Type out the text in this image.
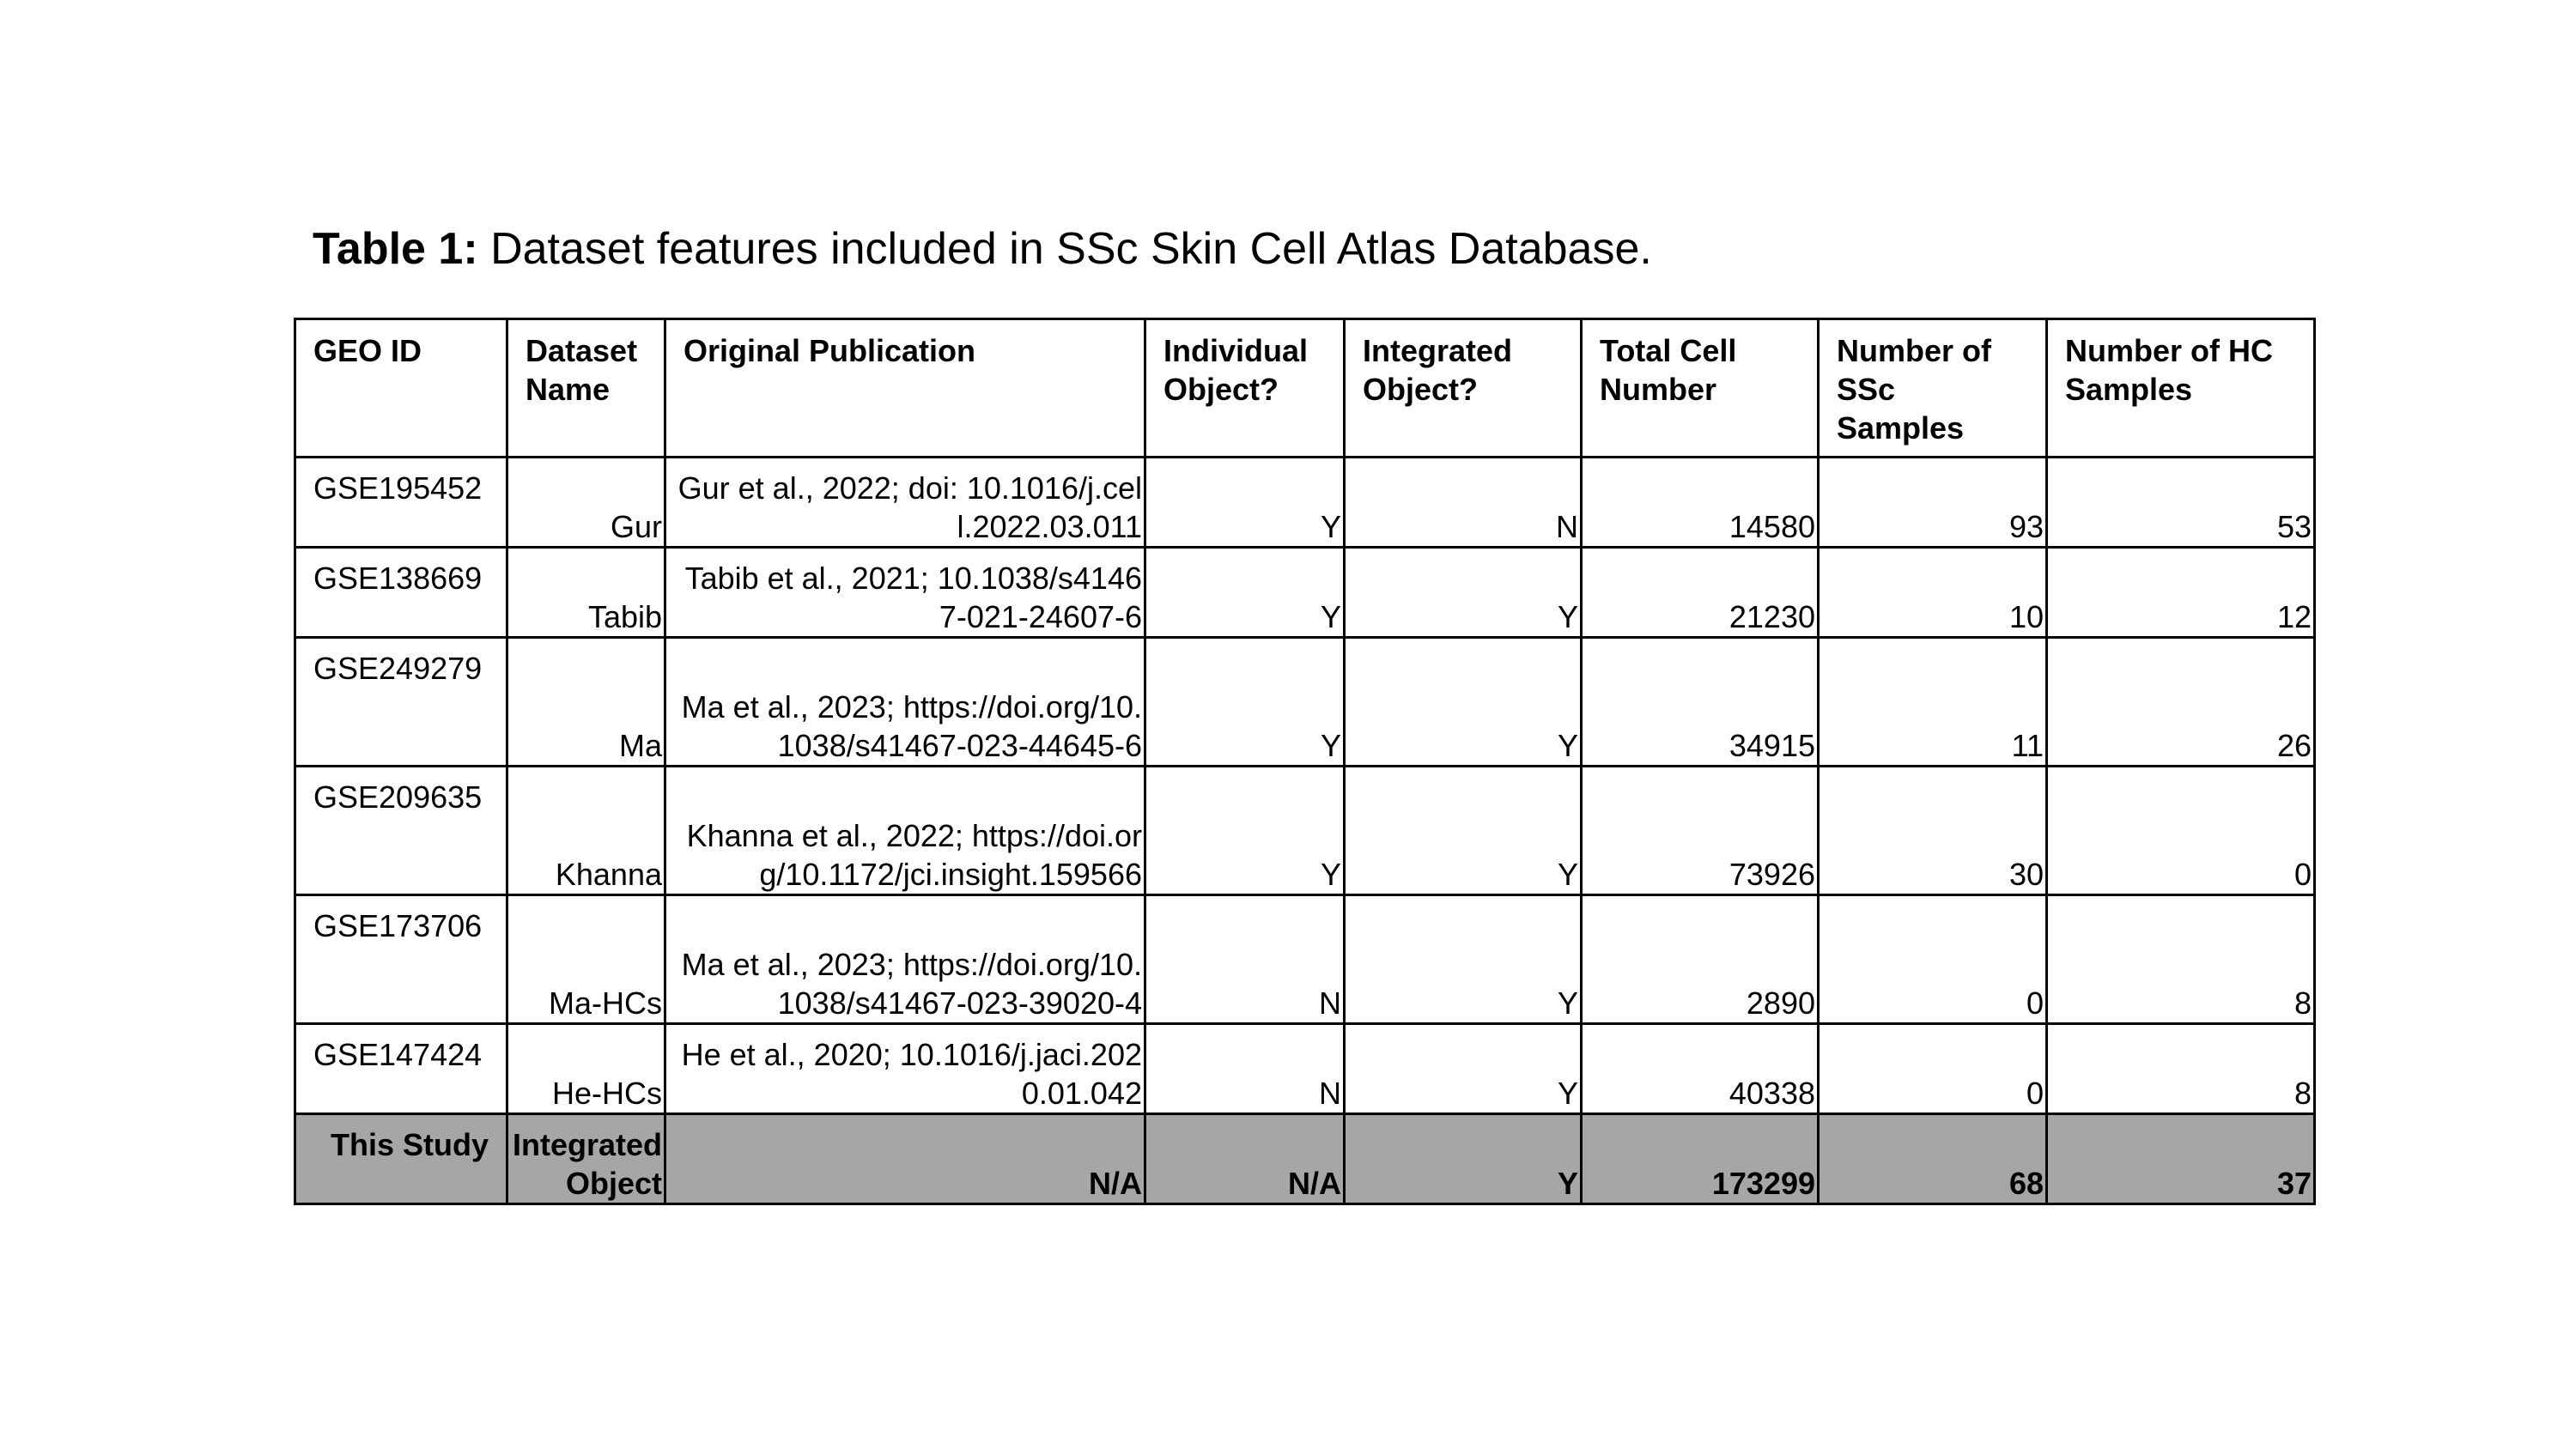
Table 1: Dataset features included in SSc Skin Cell Atlas Database.
GEO ID	Dataset Name	Original Publication	Individual Object?	Integrated Object?	Total Cell Number	Number of SSc Samples	Number of HC Samples
GSE195452	Gur	Gur et al., 2022; doi: 10.1016/j.cell.2022.03.011	Y	N	14580	93	53
GSE138669	Tabib	Tabib et al., 2021; 10.1038/s41467-021-24607-6	Y	Y	21230	10	12
GSE249279	Ma	Ma et al., 2023; https://doi.org/10.1038/s41467-023-44645-6	Y	Y	34915	11	26
GSE209635	Khanna	Khanna et al., 2022; https://doi.org/10.1172/jci.insight.159566	Y	Y	73926	30	0
GSE173706	Ma-HCs	Ma et al., 2023; https://doi.org/10.1038/s41467-023-39020-4	N	Y	2890	0	8
GSE147424	He-HCs	He et al., 2020; 10.1016/j.jaci.2020.01.042	N	Y	40338	0	8
This Study	Integrated Object	N/A	N/A	Y	173299	68	37
